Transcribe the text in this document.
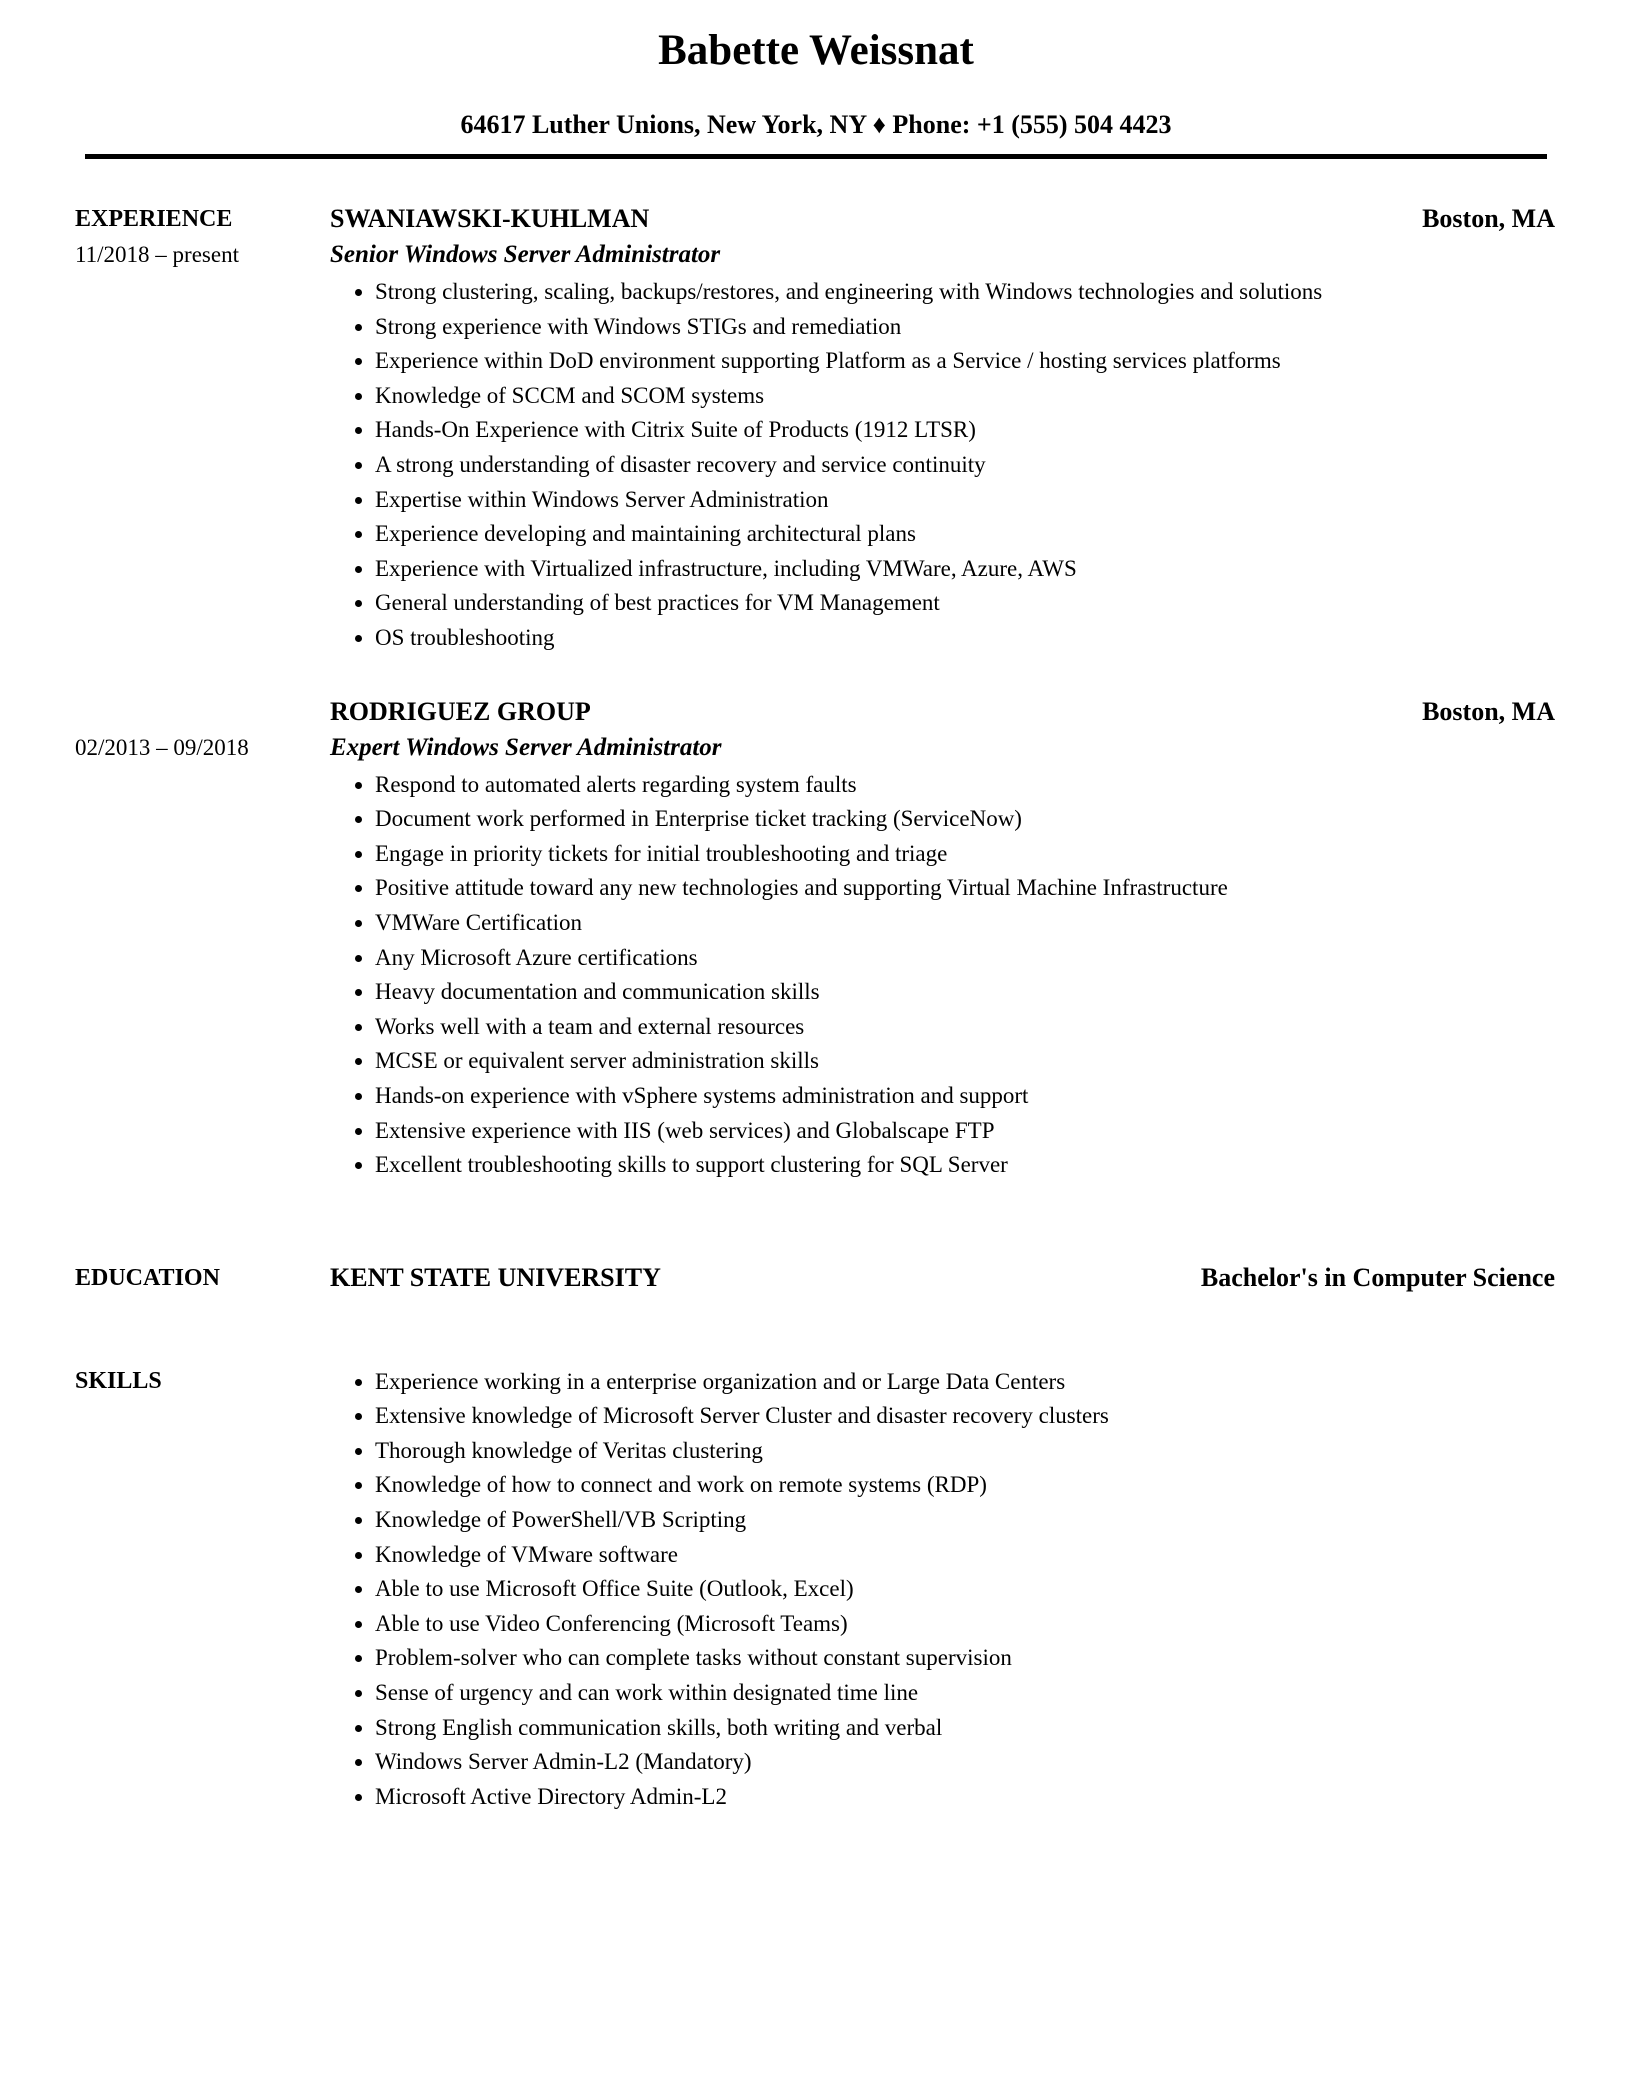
Babette Weissnat
64617 Luther Unions, New York, NY ♦ Phone: +1 (555) 504 4423
EXPERIENCE
11/2018 – present
SWANIAWSKI-KUHLMAN	Boston, MA
Senior Windows Server Administrator
• Strong clustering, scaling, backups/restores, and engineering with Windows technologies and solutions
• Strong experience with Windows STIGs and remediation
• Experience within DoD environment supporting Platform as a Service / hosting services platforms
• Knowledge of SCCM and SCOM systems
• Hands-On Experience with Citrix Suite of Products (1912 LTSR)
• A strong understanding of disaster recovery and service continuity
• Expertise within Windows Server Administration
• Experience developing and maintaining architectural plans
• Experience with Virtualized infrastructure, including VMWare, Azure, AWS
• General understanding of best practices for VM Management
• OS troubleshooting
02/2013 – 09/2018
RODRIGUEZ GROUP	Boston, MA
Expert Windows Server Administrator
• Respond to automated alerts regarding system faults
• Document work performed in Enterprise ticket tracking (ServiceNow)
• Engage in priority tickets for initial troubleshooting and triage
• Positive attitude toward any new technologies and supporting Virtual Machine Infrastructure
• VMWare Certification
• Any Microsoft Azure certifications
• Heavy documentation and communication skills
• Works well with a team and external resources
• MCSE or equivalent server administration skills
• Hands-on experience with vSphere systems administration and support
• Extensive experience with IIS (web services) and Globalscape FTP
• Excellent troubleshooting skills to support clustering for SQL Server
EDUCATION	KENT STATE UNIVERSITY	Bachelor's in Computer Science
SKILLS	• Experience working in a enterprise organization and or Large Data Centers
• Extensive knowledge of Microsoft Server Cluster and disaster recovery clusters
• Thorough knowledge of Veritas clustering
• Knowledge of how to connect and work on remote systems (RDP)
• Knowledge of PowerShell/VB Scripting
• Knowledge of VMware software
• Able to use Microsoft Office Suite (Outlook, Excel)
• Able to use Video Conferencing (Microsoft Teams)
• Problem-solver who can complete tasks without constant supervision
• Sense of urgency and can work within designated time line
• Strong English communication skills, both writing and verbal
• Windows Server Admin-L2 (Mandatory)
• Microsoft Active Directory Admin-L2
